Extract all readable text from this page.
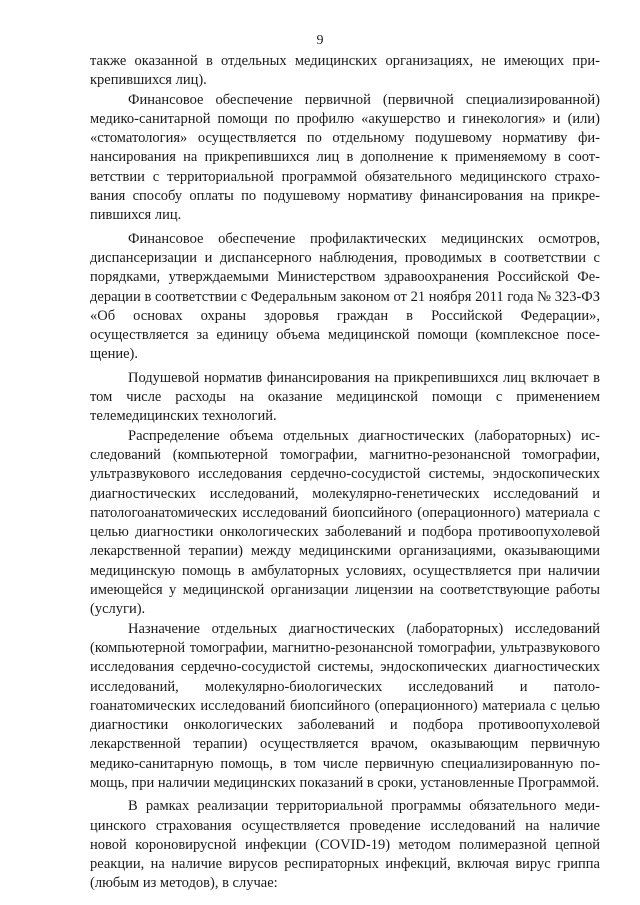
9

также оказанной в отдельных медицинских организациях, не имеющих прикрепившихся лиц).

Финансовое обеспечение первичной (первичной специализированной) медико-санитарной помощи по профилю «акушерство и гинекология» и (или) «стоматология» осуществляется по отдельному подушевому нормативу финансирования на прикрепившихся лиц в дополнение к применяемому в соответствии с территориальной программой обязательного медицинского страхования способу оплаты по подушевому нормативу финансирования на прикрепившихся лиц.

Финансовое обеспечение профилактических медицинских осмотров, диспансеризации и диспансерного наблюдения, проводимых в соответствии с порядками, утверждаемыми Министерством здравоохранения Российской Федерации в соответствии с Федеральным законом от 21 ноября 2011 года № 323-ФЗ «Об основах охраны здоровья граждан в Российской Федерации», осуществляется за единицу объема медицинской помощи (комплексное посещение).

Подушевой норматив финансирования на прикрепившихся лиц включает в том числе расходы на оказание медицинской помощи с применением телемедицинских технологий.

Распределение объема отдельных диагностических (лабораторных) исследований (компьютерной томографии, магнитно-резонансной томографии, ультразвукового исследования сердечно-сосудистой системы, эндоскопических диагностических исследований, молекулярно-генетических исследований и патологоанатомических исследований биопсийного (операционного) материала с целью диагностики онкологических заболеваний и подбора противоопухолевой лекарственной терапии) между медицинскими организациями, оказывающими медицинскую помощь в амбулаторных условиях, осуществляется при наличии имеющейся у медицинской организации лицензии на соответствующие работы (услуги).

Назначение отдельных диагностических (лабораторных) исследований (компьютерной томографии, магнитно-резонансной томографии, ультразвукового исследования сердечно-сосудистой системы, эндоскопических диагностических исследований, молекулярно-биологических исследований и патологоанатомических исследований биопсийного (операционного) материала с целью диагностики онкологических заболеваний и подбора противоопухолевой лекарственной терапии) осуществляется врачом, оказывающим первичную медико-санитарную помощь, в том числе первичную специализированную помощь, при наличии медицинских показаний в сроки, установленные Программой.

В рамках реализации территориальной программы обязательного медицинского страхования осуществляется проведение исследований на наличие новой короновирусной инфекции (COVID-19) методом полимеразной цепной реакции, на наличие вирусов респираторных инфекций, включая вирус гриппа (любым из методов), в случае:
